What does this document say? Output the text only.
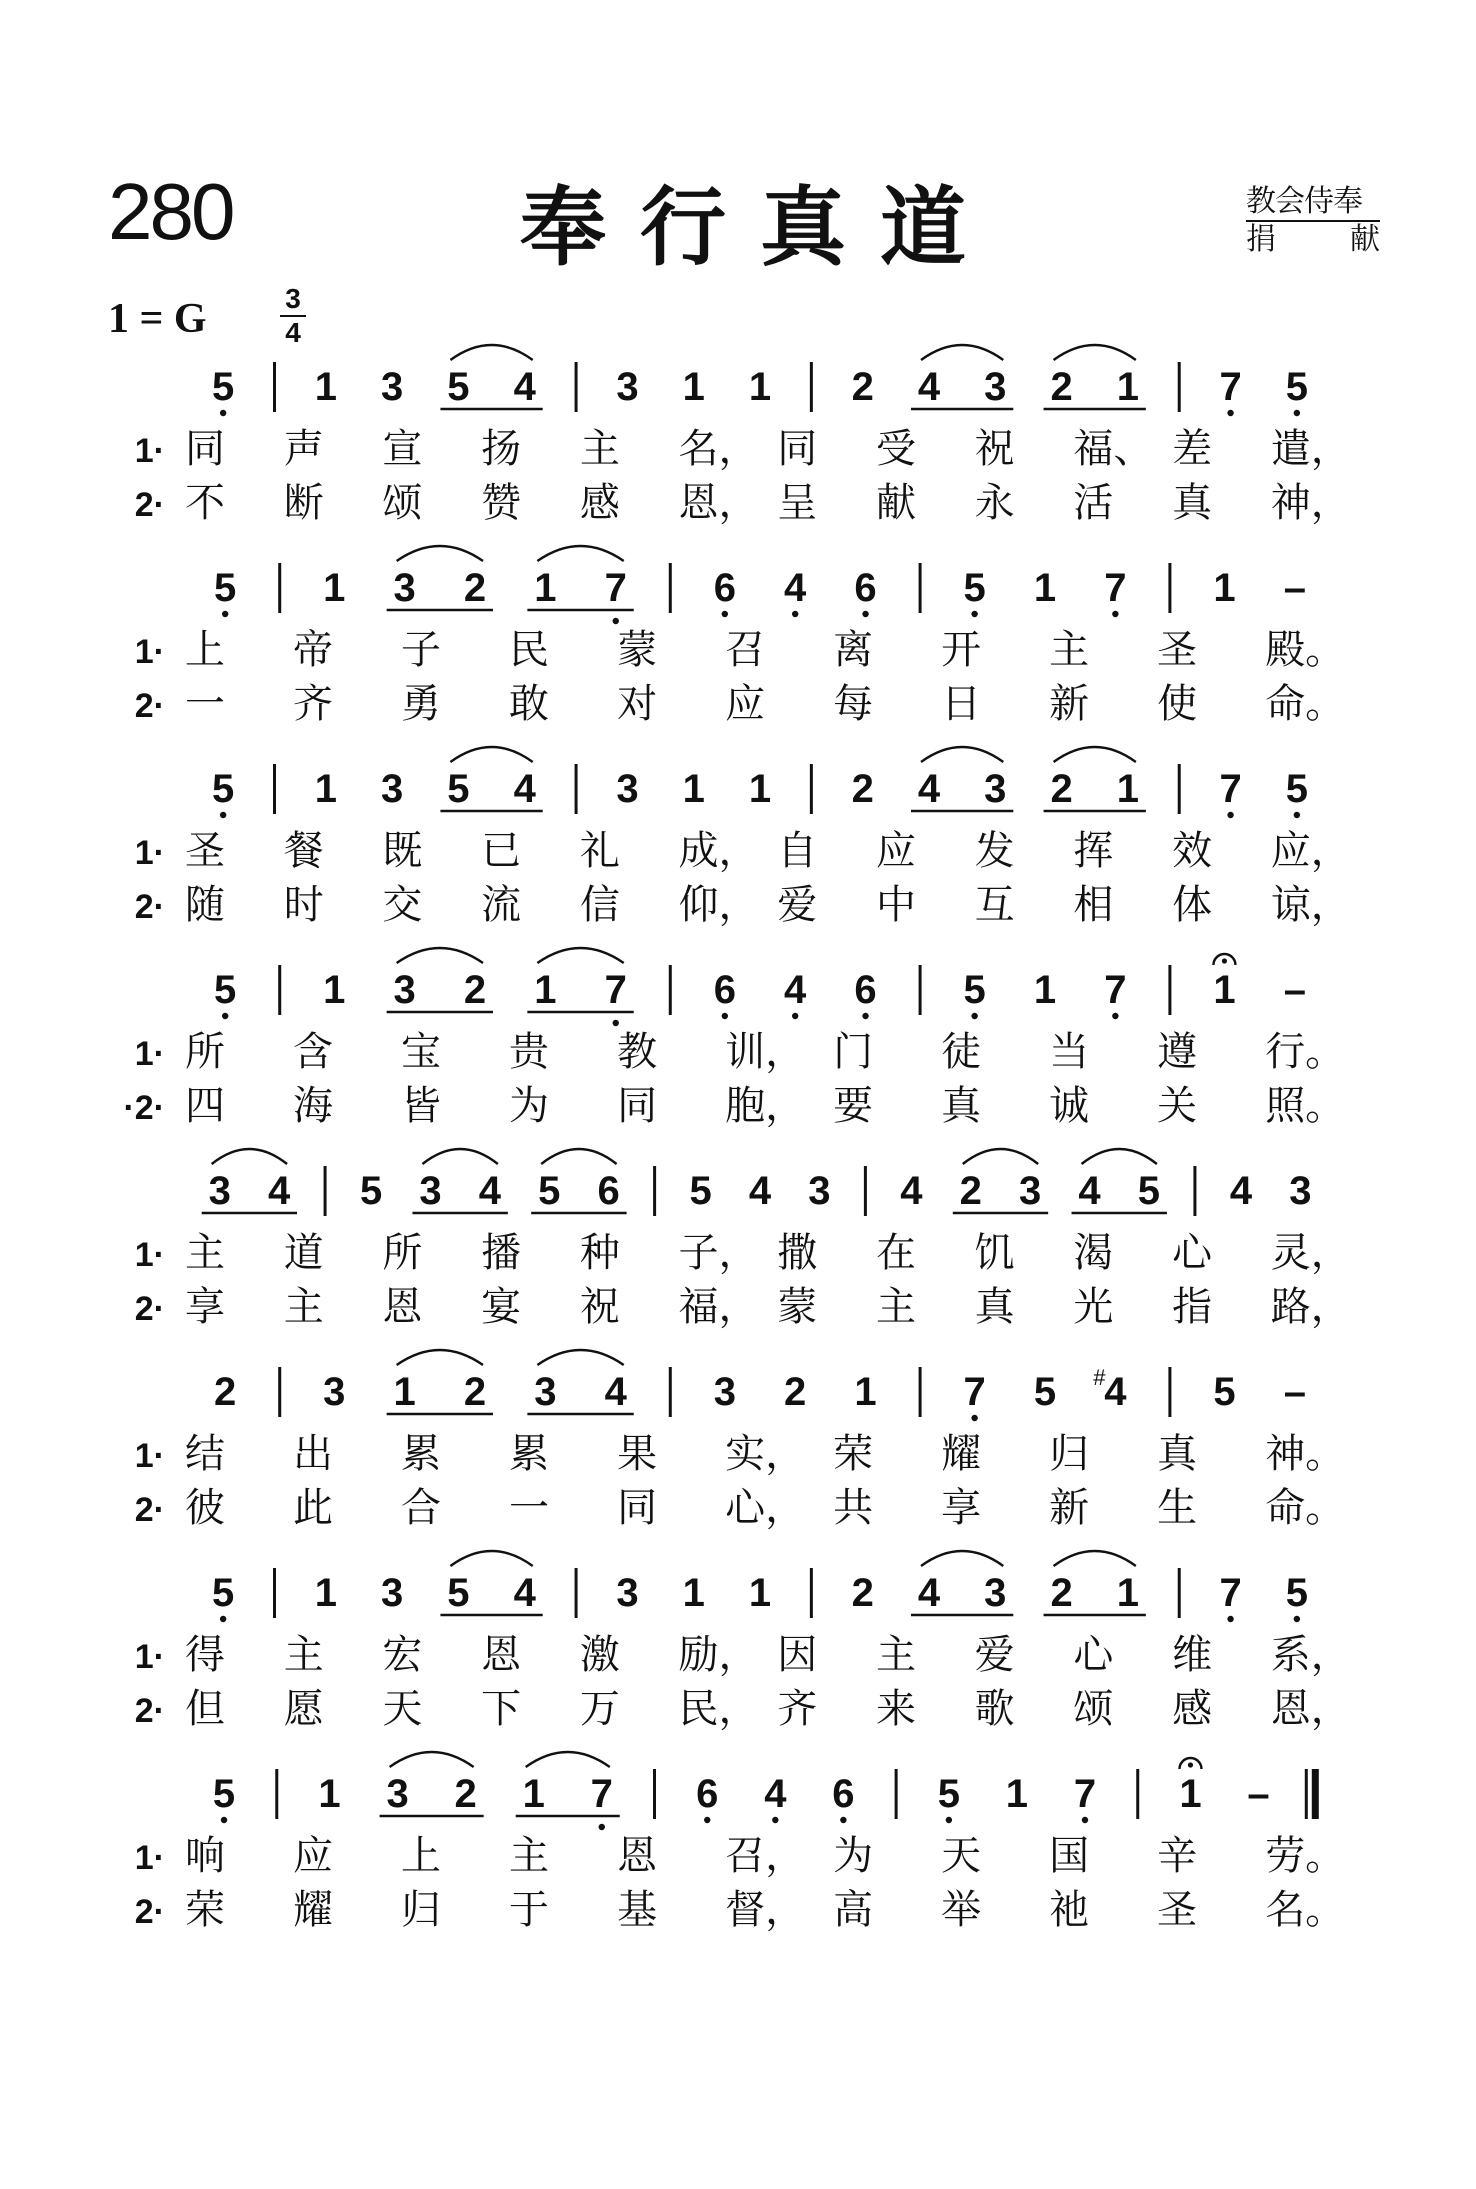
280	奉行真道	教会侍奉
捐 献
1 = G	3
4
5 1 3 5 4 3 1 1 2 4 3 2 1 7 5
1· 同 声 宣 扬 主 名， 同 受 祝 福、 差 遣，
2· 不 断 颂 赞 感 恩， 呈 献 永 活 真 神，
5 1 3 2 1 7 6 4 6 5 1 7 1 –
1· 上 帝 子 民 蒙 召 离 开 主 圣 殿。
2· 一 齐 勇 敢 对 应 每 日 新 使 命。
5 1 3 5 4 3 1 1 2 4 3 2 1 7 5
1· 圣 餐 既 已 礼 成， 自 应 发 挥 效 应，
2· 随 时 交 流 信 仰， 爱 中 互 相 体 谅，
5 1 3 2 1 7 6 4 6 5 1 7 1 –
1· 所 含 宝 贵 教 训， 门 徒 当 遵 行。
·2· 四 海 皆 为 同 胞， 要 真 诚 关 照。
3 4 5 3 4 5 6 5 4 3 4 2 3 4 5 4 3
1· 主 道 所 播 种 子， 撒 在 饥 渴 心 灵，
2· 享 主 恩 宴 祝 福， 蒙 主 真 光 指 路，
2 3 1 2 3 4 3 2 1 7 5 4
#	5 –
1· 结 出 累 累 果 实， 荣 耀 归 真 神。
2· 彼 此 合 一 同 心， 共 享 新 生 命。
5 1 3 5 4 3 1 1 2 4 3 2 1 7 5
1· 得 主 宏 恩 激 励， 因 主 爱 心 维 系，
2· 但 愿 天 下 万 民， 齐 来 歌 颂 感 恩，
5 1 3 2 1 7 6 4 6 5 1 7 1 –
1· 响 应 上 主 恩 召， 为 天 国 辛 劳。
2· 荣 耀 归 于 基 督， 高 举 祂 圣 名。
